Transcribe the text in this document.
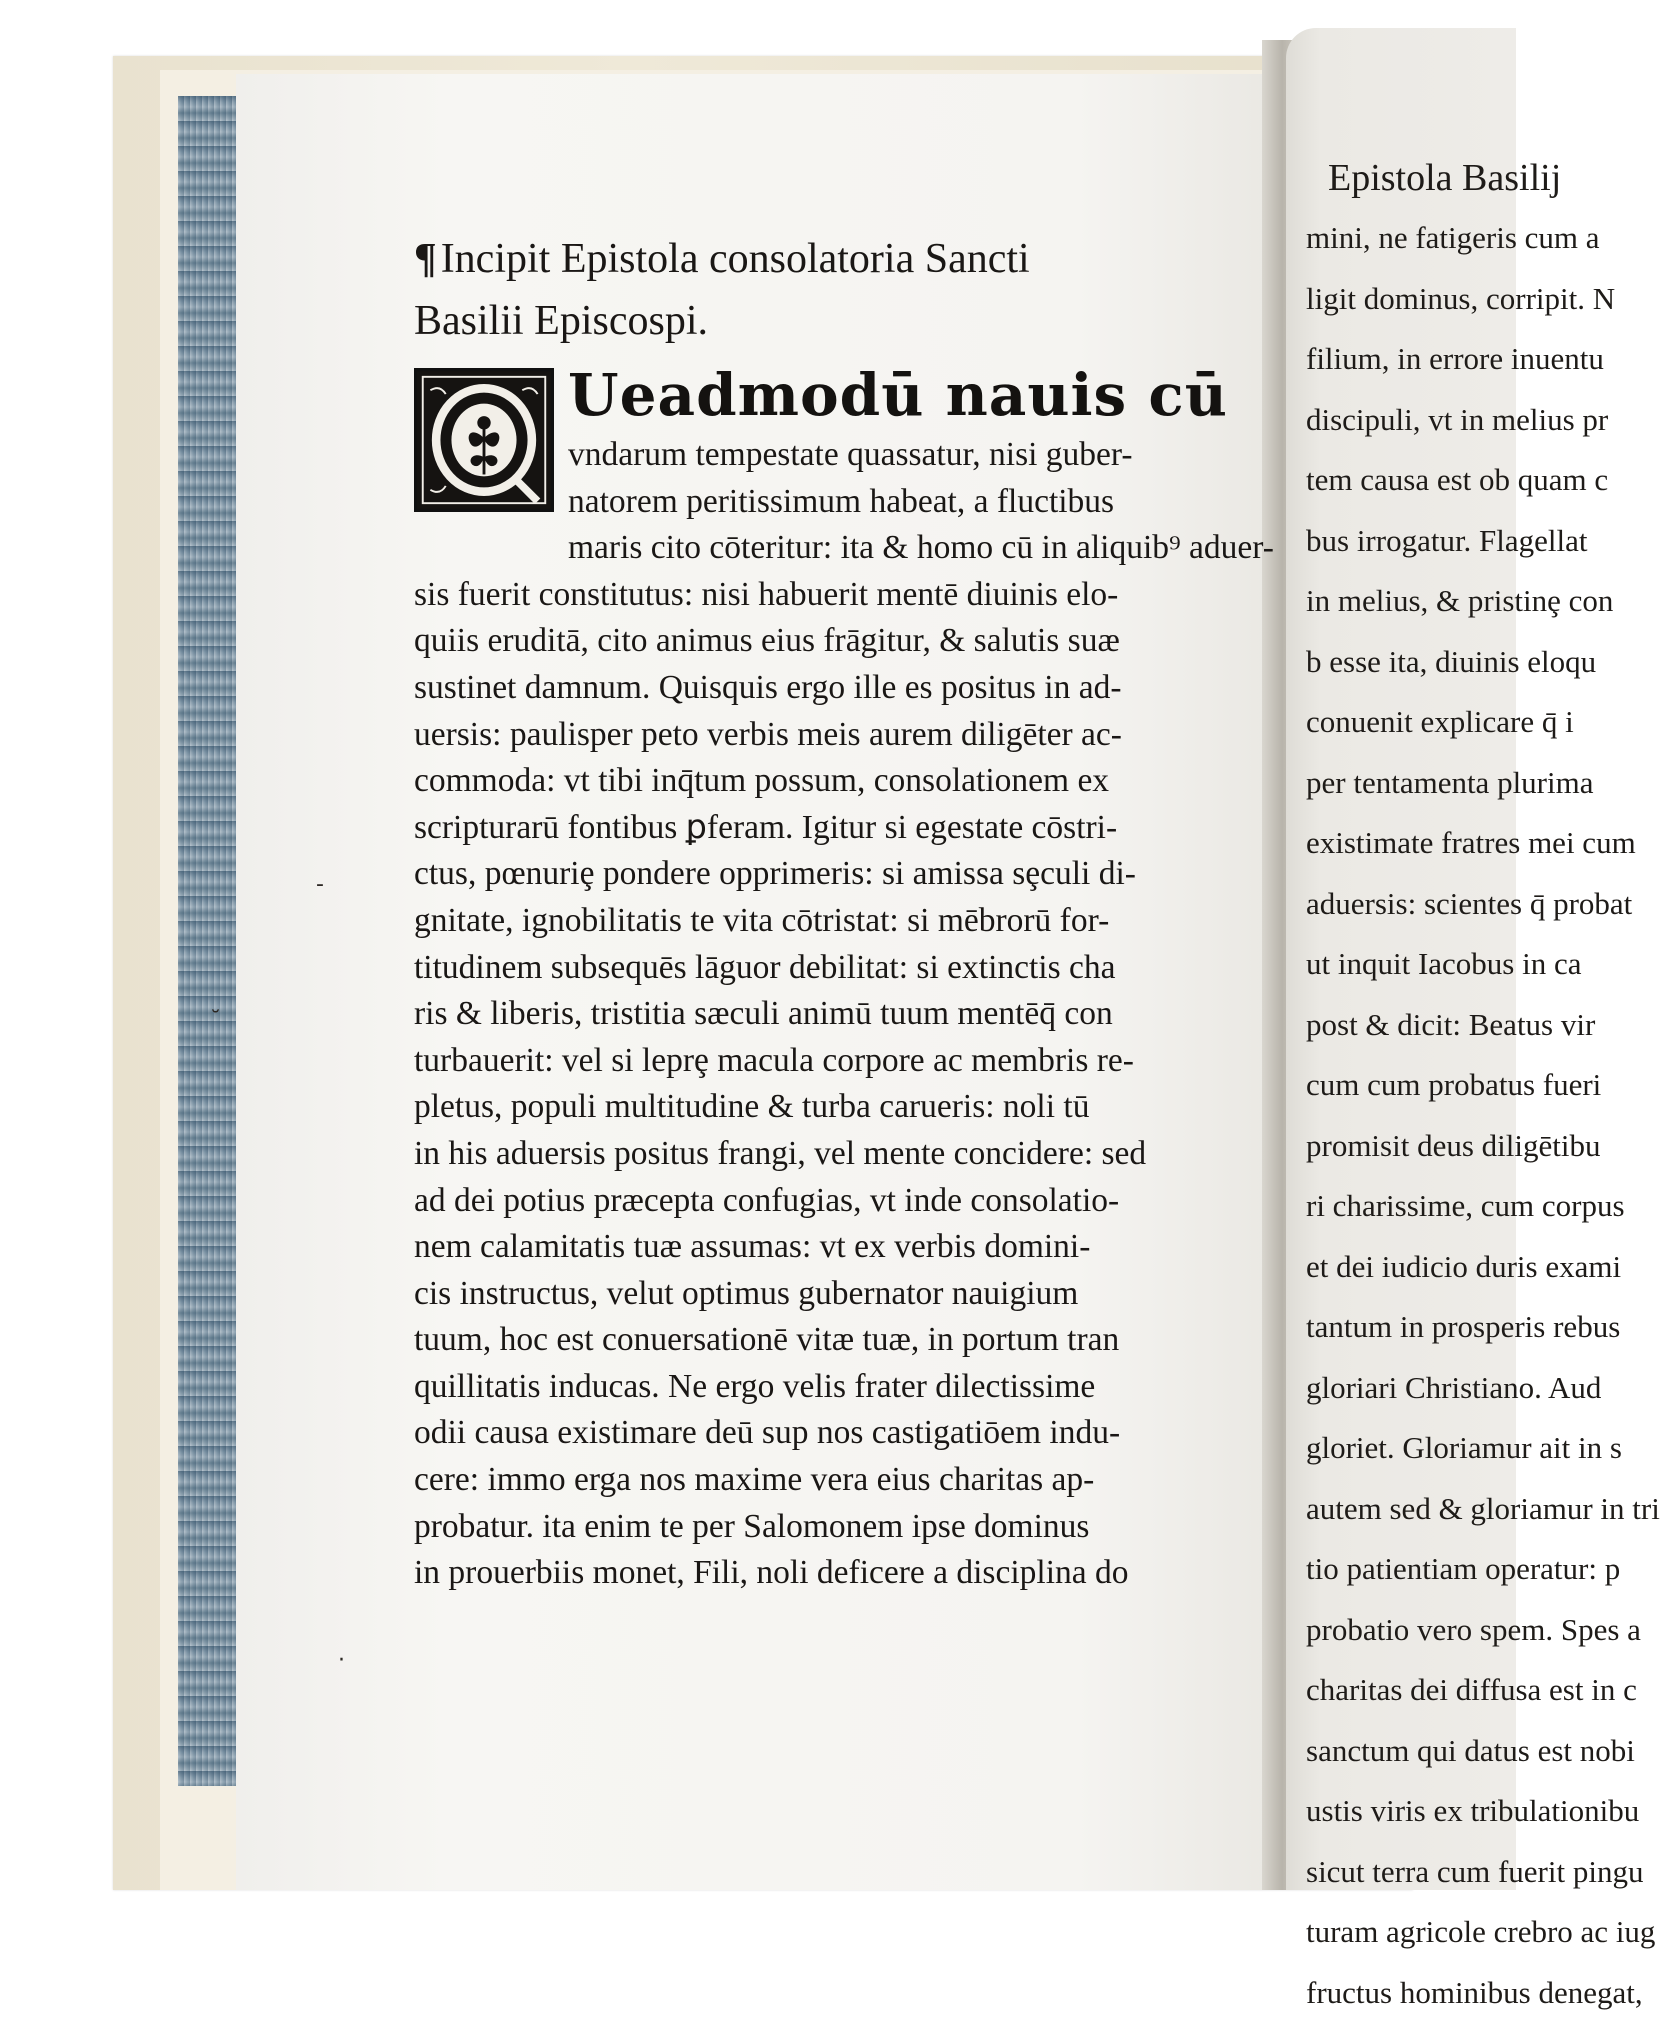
Epistola Basilij
mini, ne fatigeris cum a
ligit dominus, corripit. N
filium, in errore inuentu
discipuli, vt in melius pr
tem causa est ob quam c
bus irrogatur. Flagellat
in melius, & pristinȩ con
b esse ita, diuinis eloqu
conuenit explicare q̄ i
per tentamenta plurima
existimate fratres mei cum
aduersis: scientes q̄ probat
ut inquit Iacobus in ca
post & dicit: Beatus vir
cum cum probatus fueri
promisit deus diligētibu
ri charissime, cum corpus
et dei iudicio duris exami
tantum in prosperis rebus
gloriari Christiano. Aud
gloriet. Gloriamur ait in s
autem sed & gloriamur in tri
tio patientiam operatur: p
probatio vero spem. Spes a
charitas dei diffusa est in c
sanctum qui datus est nobi
ustis viris ex tribulationibu
sicut terra cum fuerit pingu
turam agricole crebro ac iug
fructus hominibus denegat,
¶Incipit Epistola consolatoria Sancti
Basilii Episcospi.
Ueadmodū nauis cū
vndarum tempestate quassatur, nisi guber-
natorem peritissimum habeat, a fluctibus
maris cito cōteritur: ita & homo cū in aliquib⁹ aduer-
sis fuerit constitutus: nisi habuerit mentē diuinis elo-
quiis eruditā, cito animus eius frāgitur, & salutis suæ
sustinet damnum. Quisquis ergo ille es positus in ad-
uersis: paulisper peto verbis meis aurem diligēter ac-
commoda: vt tibi inq̄tum possum, consolationem ex
scripturarū fontibus ꝑferam. Igitur si egestate cōstri-
ctus, pœnuriȩ pondere opprimeris: si amissa sȩculi di-
gnitate, ignobilitatis te vita cōtristat: si mēbrorū for-
titudinem subsequēs lāguor debilitat: si extinctis cha
ris & liberis, tristitia sæculi animū tuum mentēq̄ con
turbauerit: vel si leprȩ macula corpore ac membris re-
pletus, populi multitudine & turba carueris: noli tū
in his aduersis positus frangi, vel mente concidere: sed
ad dei potius præcepta confugias, vt inde consolatio-
nem calamitatis tuæ assumas: vt ex verbis domini-
cis instructus, velut optimus gubernator nauigium
tuum, hoc est conuersationē vitæ tuæ, in portum tran
quillitatis inducas. Ne ergo velis frater dilectissime
odii causa existimare deū sup nos castigatiōem indu-
cere: immo erga nos maxime vera eius charitas ap-
probatur. ita enim te per Salomonem ipse dominus
in prouerbiis monet, Fili, noli deficere a disciplina do
-
˘
·
